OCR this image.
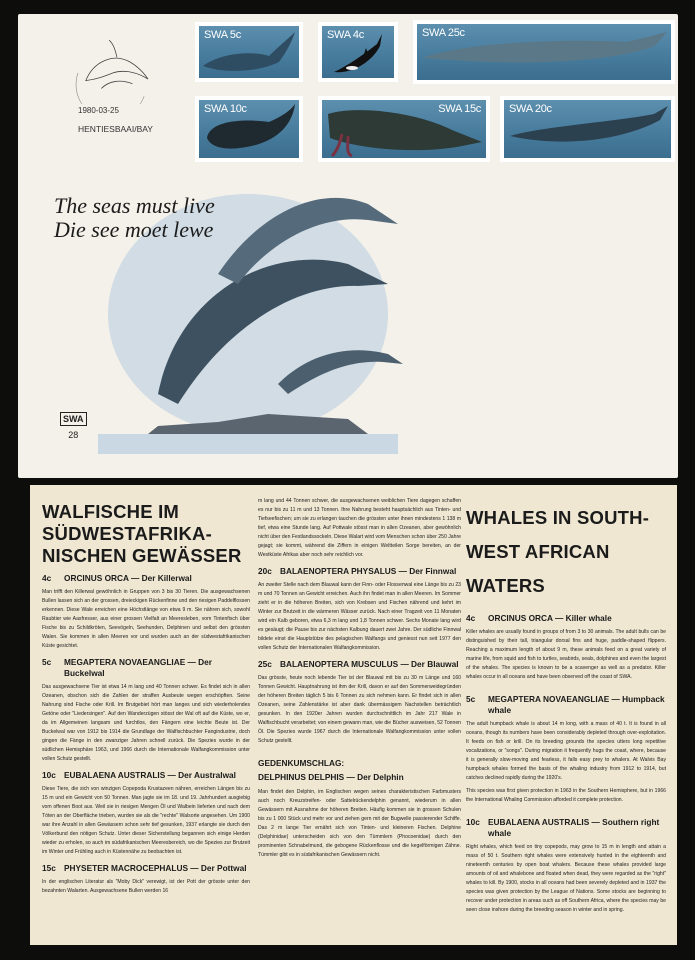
1980-03-25
HENTIESBAAI/BAY
SWA 5c	SWA 4c	SWA 25c
SWA 10c	SWA 15c	SWA 20c
The seas must live
Die see moet lewe
SWA
28
WALFISCHE IM SÜDWESTAFRIKA-NISCHEN GEWÄSSER
4c	ORCINUS ORCA — Der Killerwal

Man trifft den Killerwal gewöhnlich in Gruppen von 3 bis 30 Tieren. Die ausgewachsenen Bullen lassen sich an der grossen, dreieckigen Rückenfinne und den riesigen Paddelflossen erkennen. Diese Wale erreichen eine Höchstlänge von etwa 9 m. Sie nähren sich, sowohl Raubtier wie Aasfresser, aus einer grossen Vielfalt an Meeresleben, vom Tintenfisch über Fische bis zu Schildkröten, Seevögeln, Seehunden, Delphinen und selbst den grössten Walen. Sie kommen in allen Meeren vor und wurden auch an der südwestafrikanischen Küste gesichtet.

5c	MEGAPTERA NOVAEANGLIAE — Der Buckelwal

Das ausgewachsene Tier ist etwa 14 m lang und 40 Tonnen schwer. Es findet sich in allen Ozeanen, obschon sich die Zahlen der straffen Ausbeute wegen erschöpften. Seine Nahrung sind Fische oder Krill. Im Brutgebiet hört man langes und sich wiederholendes Getöne oder "Liedersingen". Auf den Wanderzügen stösst der Wal oft auf die Küste, wo er, da im Allgemeinen langsam und furchtlos, den Fängern eine leichte Beute ist. Der Buckelwal war von 1912 bis 1914 die Grundlage der Walfischbuchter Fangindustrie, doch gingen die Fänge in den zwanziger Jahren schnell zurück. Die Spezies wurde in der südlichen Hemisphäre 1963, und 1966 durch die Internationale Walfangkommission unter vollen Schutz gestellt.

10c EUBALAENA AUSTRALIS — Der Australwal

Diese Tiere, die sich von winzigen Copepoda Krustazeen nähren, erreichen Längen bis zu 15 m und ein Gewicht von 50 Tonnen. Man jagte sie im 18. und 19. Jahrhundert ausgiebig vom offenen Boot aus. Weil sie in riesigen Mengen Öl und Walbein lieferten und nach dem Töten an der Oberfläche trieben, wurden sie als die "rechte" Walsorte angesehen. Um 1900 war ihre Anzahl in allen Gewässern schon sehr tief gesunken, 1937 erlangte sie durch den Völkerbund den nötigen Schutz. Unter dieser Sicherstellung begannen sich einige Herden wieder zu erholen, so auch im südafrikanischen Meeresbereich, wo die Spezies zur Brutzeit im Winter und Frühling auch in Küstennähe zu beobachten ist.

15c PHYSETER MACROCEPHALUS — Der Pottwal

In der englischen Literatur als "Moby Dick" verewigt, ist der Pott der grösste unter den bezahnten Walarten. Ausgewachsene Bullen werden 16

m lang und 44 Tonnen schwer, die ausgewachsenen weiblichen Tiere dagegen schaffen es nur bis zu 11 m und 13 Tonnen. Ihre Nahrung besteht hauptsächlich aus Tinten- und Tiefseefischen; um sie zu erlangen tauchen die grössten unter ihnen mindestens 1 138 m tief, etwa eine Stunde lang. Auf Pottwale stösst man in allen Ozeanen, aber gewöhnlich nicht über den Festlandssockeln. Diese Walart wird vom Menschen schon über 250 Jahre gejagt; sie kommt, während die Ziffern in einigen Weltteilen Sorge bereiten, an der Westküste Afrikas aber noch sehr reichlich vor.

20c BALAENOPTERA PHYSALUS — Der Finnwal

An zweiter Stelle nach dem Blauwal kann der Finn- oder Flossenwal eine Länge bis zu 23 m und 70 Tonnen an Gewicht erreichen. Auch ihn findet man in allen Meeren. Im Sommer zieht er in die höheren Breiten, sich von Krebsen und Fischen nährend und kehrt im Winter zur Brutzeit in die wärmeren Wässer zurück. Nach einer Tragzeit von 11 Monaten wird ein Kalb geboren, etwa 6,3 m lang und 1,8 Tonnen schwer. Sechs Monate lang wird es gesäugt; die Pause bis zur nächsten Kalbung dauert zwei Jahre. Der südliche Finnwal bildete einst die Hauptstütze des pelagischen Walfangs und geniesst nun seit 1977 den vollen Schutz der Internationalen Walfangkommission.

25c BALAENOPTERA MUSCULUS — Der Blauwal

Das grösste, heute noch lebende Tier ist der Blauwal mit bis zu 30 m Länge und 160 Tonnen Gewicht. Hauptnahrung ist ihm der Krill, davon er auf den Sommerweidegründen der höheren Breiten täglich 5 bis 6 Tonnen zu sich nehmen kann. Er findet sich in allen Ozeanen, seine Zahlenstärke ist aber dank übermässigem Nachstellen beträchtlich gesunken. In den 1920er Jahren wurden durchschnittlich im Jahr 217 Wale in Walfischbucht verarbeitet; von einem gewann man, wie die Bücher ausweisen, 52 Tonnen Öl. Die Spezies wurde 1967 durch die Internationale Walfangkommission unter vollen Schutz gestellt.

GEDENKUMSCHLAG:
DELPHINUS DELPHIS — Der Delphin

Man findet den Delphin, im Englischen wegen seines charakteristischen Farbmusters auch noch Kreuzstreifen- oder Sattelrückendelphin genannt, wiederum in allen Gewässern mit Ausnahme der höheren Breiten. Häufig kommen sie in grossen Schulen bis zu 1 000 Stück und mehr vor und ziehen gern mit der Bugwelle passierender Schiffe. Das 2 m lange Tier ernährt sich von Tinten- und kleineren Fischen. Delphine (Delphinidae) unterscheiden sich von den Tümmlern (Phocoenidae) durch den prominenten Schnabelmund, die gebogene Rückenflosse und die kegelförmigen Zähne. Tümmler gibt es in südafrikanischen Gewässern nicht.

WHALES IN SOUTH-
WEST AFRICAN
WATERS
4c	ORCINUS ORCA — Killer whale

Killer whales are usually found in groups of from 3 to 30 animals. The adult bulls can be distinguished by their tall, triangular dorsal fins and huge, paddle-shaped flippers. Reaching a maximum length of about 9 m, these animals feed on a great variety of marine life, from squid and fish to turtles, seabirds, seals, dolphines and even the largest of the whales. The species is known to be a scavenger as well as a predator. Killer whales occur in all oceans and have been observed off the coast of SWA.

5c	MEGAPTERA NOVAEANGLIAE — Humpback whale

The adult humpback whale is about 14 m long, with a mass of 40 t. It is found in all oceans, though its numbers have been considerably depleted through over-exploitation. It feeds on fish or krill. On its breeding grounds the species utters long repetitive vocalizations, or "songs". During migration it frequently hugs the coast, where, because it is generally slow-moving and fearless, it falls easy prey to whalers. At Walvis Bay humpback whales formed the basis of the whaling industry from 1912 to 1914, but catches declined rapidly during the 1920's.

This species was first given protection in 1963 in the Southern Hemisphere, but in 1966 the International Whaling Commission afforded it complete protection.

10c EUBALAENA AUSTRALIS — Southern right whale

Right whales, which feed on tiny copepods, may grow to 15 m in length and attain a mass of 50 t. Southern right whales were extensively hunted in the eighteenth and nineteenth centuries by open boat whalers. Because these whales provided large amounts of oil and whalebone and floated when dead, they were regarded as the "right" whales to kill. By 1900, stocks in all oceans had been severely depleted and in 1937 the species was given protection by the League of Nations. Some stocks are beginning to recover under protection in areas such as off Southern Africa, where the species may be seen close inshore during the breeding season in winter and in spring.
